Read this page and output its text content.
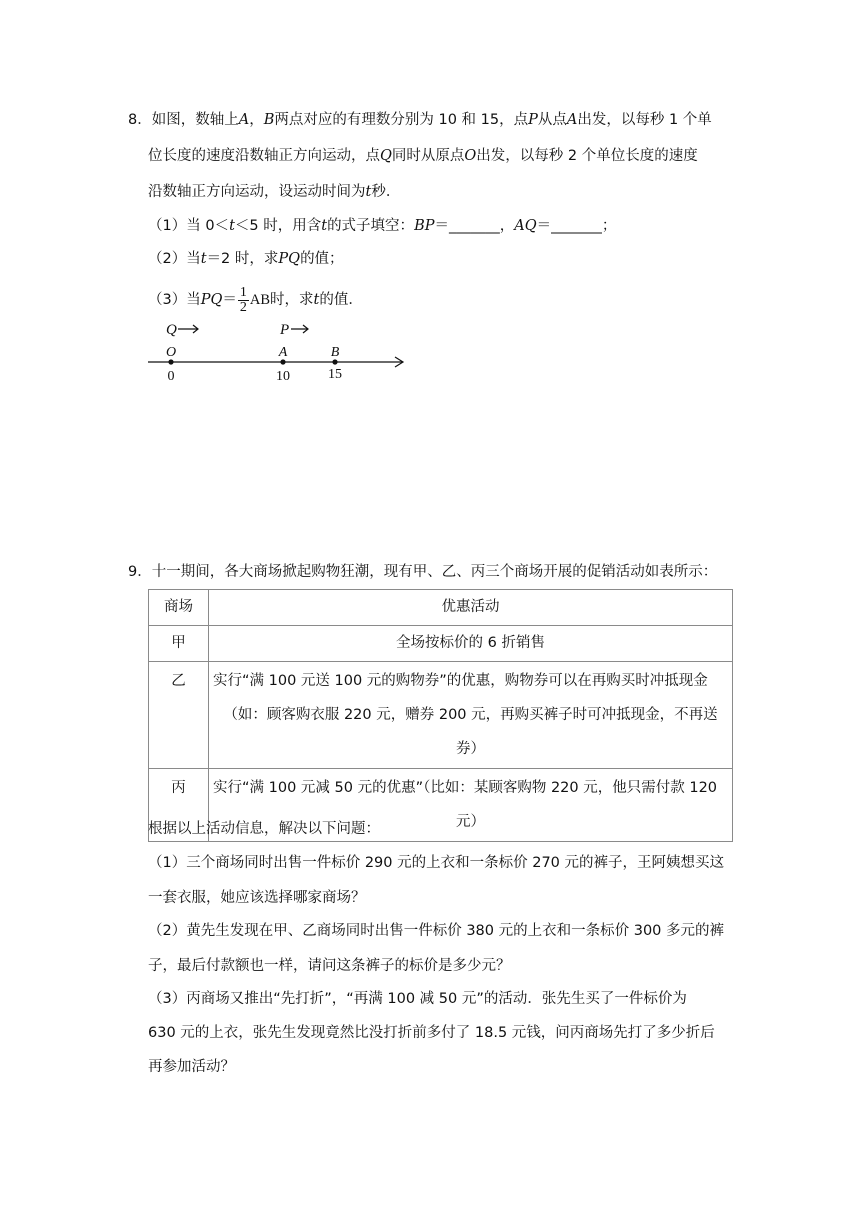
8．如图，数轴上A，B两点对应的有理数分别为 10 和 15，点P从点A出发，以每秒 1 个单
位长度的速度沿数轴正方向运动，点Q同时从原点O出发，以每秒 2 个单位长度的速度
沿数轴正方向运动，设运动时间为t秒．
（1）当 0＜t＜5 时，用含t的式子填空：BP＝_______，AQ＝_______；
（2）当t＝2 时，求PQ的值；
（3）当$PQ= \frac{1}{2}$ AB时，求t的值．
Q	P
O	A	B
0	10	15
9．十一期间，各大商场掀起购物狂潮，现有甲、乙、丙三个商场开展的促销活动如表所示：
商场	优惠活动
甲	全场按标价的 6 折销售
乙	实行“满 100 元送 100 元的购物券”的优惠，购物券可以在再购买时冲抵现金
（如：顾客购衣服 220 元，赠券 200 元，再购买裤子时可冲抵现金，不再送券）

丙	实行“满 100 元减 50 元的优惠”（比如：某顾客购物 220 元，他只需付款 120
元）
根据以上活动信息，解决以下问题：
（1）三个商场同时出售一件标价 290 元的上衣和一条标价 270 元的裤子，王阿姨想买这
一套衣服，她应该选择哪家商场？
（2）黄先生发现在甲、乙商场同时出售一件标价 380 元的上衣和一条标价 300 多元的裤
子，最后付款额也一样，请问这条裤子的标价是多少元？
（3）丙商场又推出“先打折”，“再满 100 减 50 元”的活动．张先生买了一件标价为
630 元的上衣，张先生发现竟然比没打折前多付了 18.5 元钱，问丙商场先打了多少折后
再参加活动？
